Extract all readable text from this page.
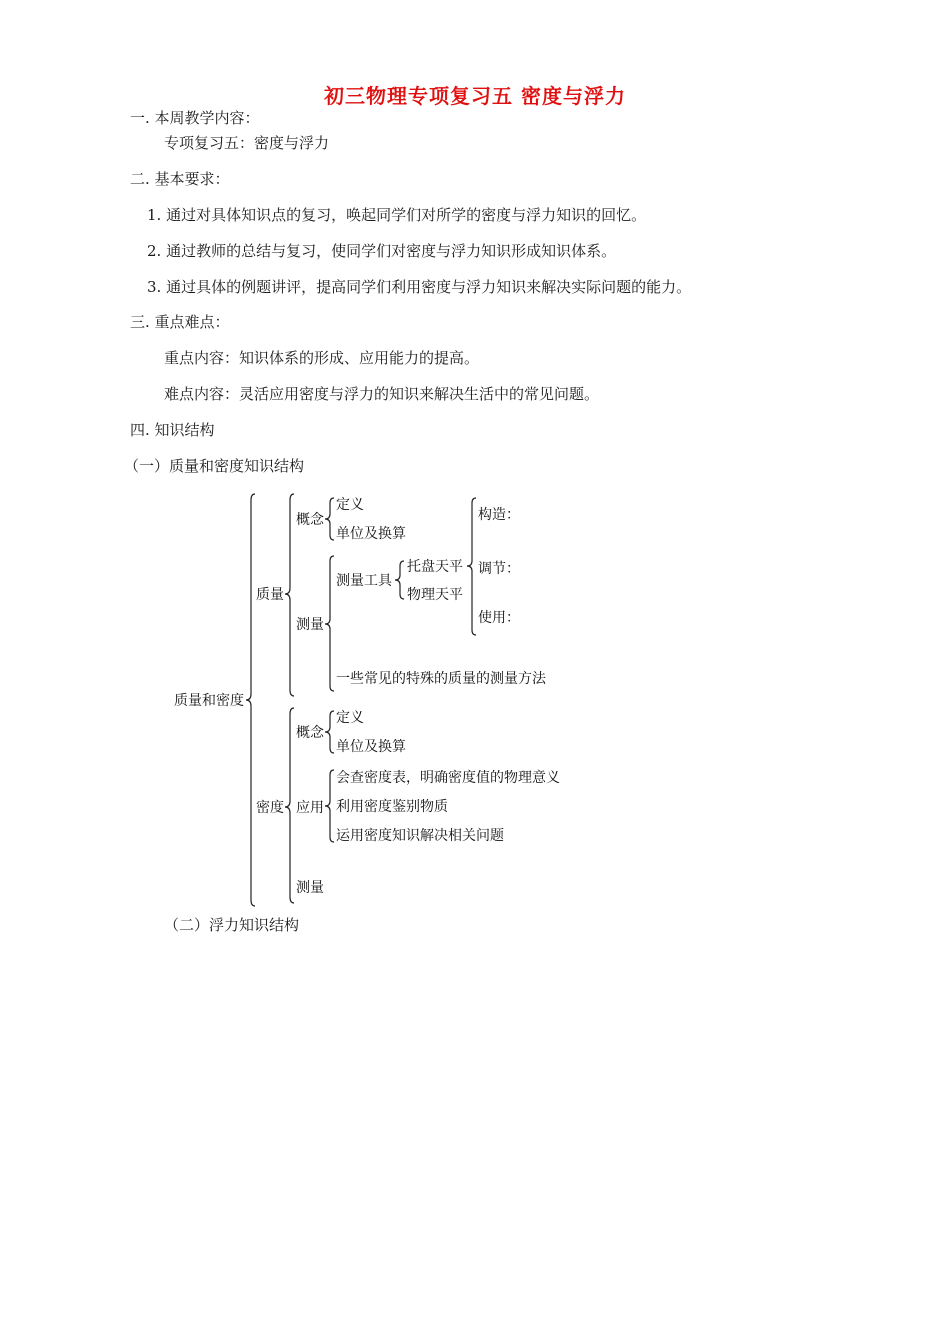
初三物理专项复习五 密度与浮力
一. 本周教学内容：
专项复习五：密度与浮力
二. 基本要求：
1. 通过对具体知识点的复习，唤起同学们对所学的密度与浮力知识的回忆。
2. 通过教师的总结与复习，使同学们对密度与浮力知识形成知识体系。
3. 通过具体的例题讲评，提高同学们利用密度与浮力知识来解决实际问题的能力。
三. 重点难点：
重点内容：知识体系的形成、应用能力的提高。
难点内容：灵活应用密度与浮力的知识来解决生活中的常见问题。
四. 知识结构
（一）质量和密度知识结构
质量和密度
质量
概念
定义
单位及换算
测量
测量工具
托盘天平
物理天平
构造：
调节：
使用：
一些常见的特殊的质量的测量方法
密度
概念
定义
单位及换算
应用
会查密度表，明确密度值的物理意义
利用密度鉴别物质
运用密度知识解决相关问题
测量
（二）浮力知识结构
